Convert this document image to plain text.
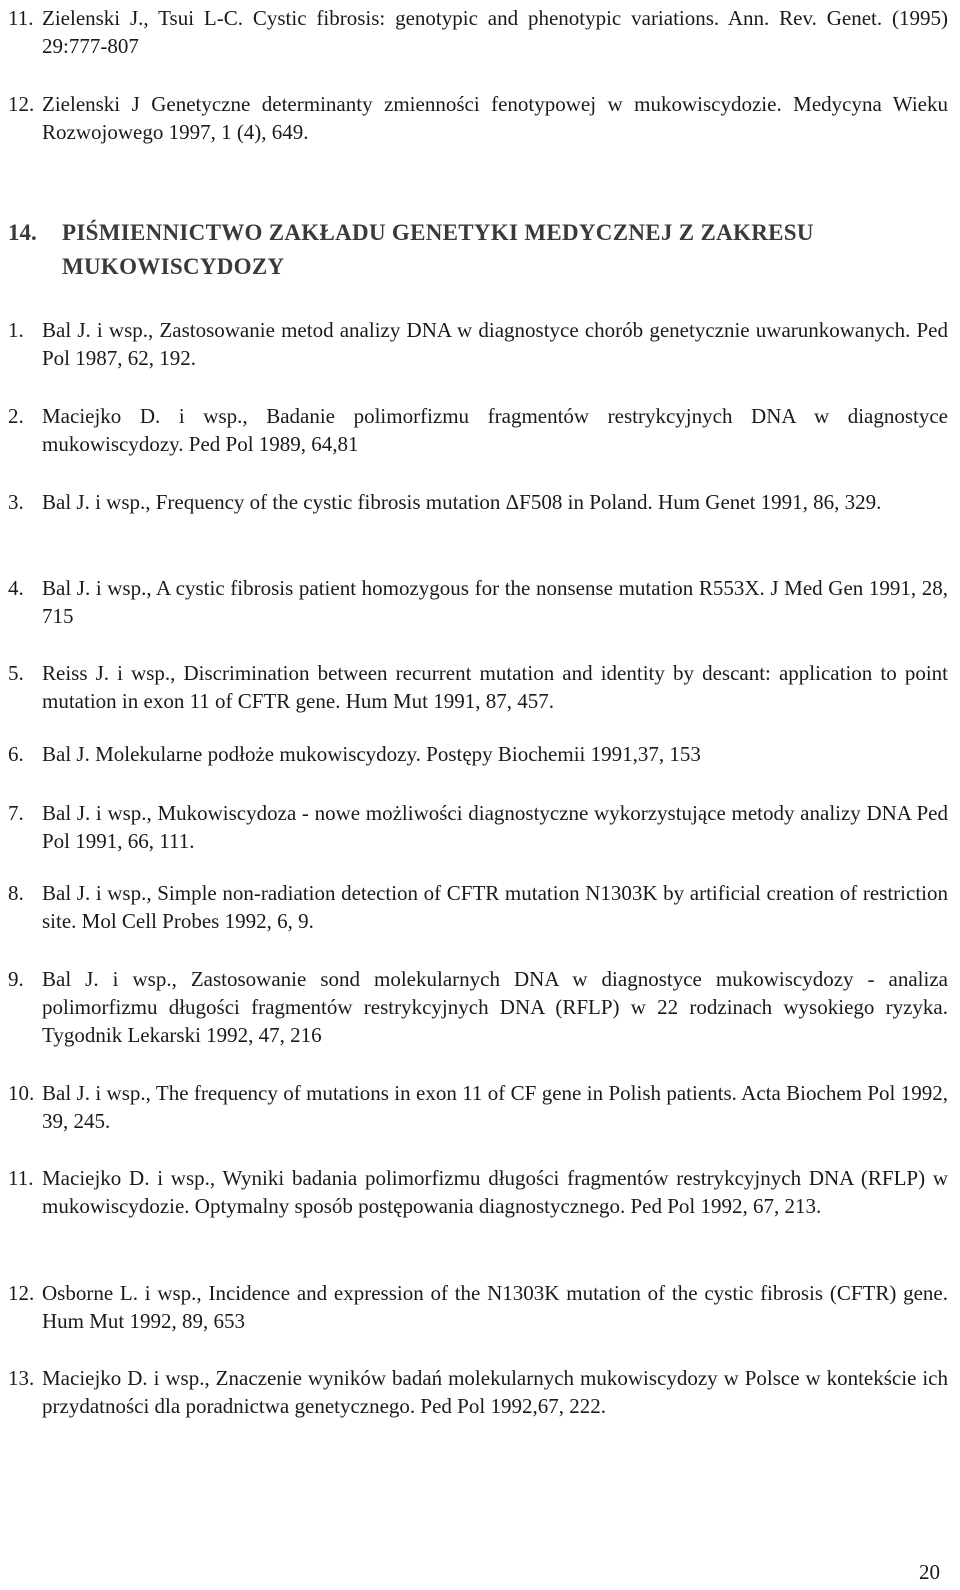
11. Zielenski J., Tsui L-C. Cystic fibrosis: genotypic and phenotypic variations. Ann. Rev. Genet. (1995) 29:777-807
12. Zielenski J Genetyczne determinanty zmienności fenotypowej w mukowiscydozie. Medycyna Wieku Rozwojowego 1997, 1 (4), 649.
14.	PIŚMIENNICTWO ZAKŁADU GENETYKI MEDYCZNEJ Z ZAKRESU MUKOWISCYDOZY
1. Bal J. i wsp., Zastosowanie metod analizy DNA w diagnostyce chorób genetycznie uwarunkowanych. Ped Pol 1987, 62, 192.
2. Maciejko D. i wsp., Badanie polimorfizmu fragmentów restrykcyjnych DNA w diagnostyce mukowiscydozy. Ped Pol 1989, 64,81
3. Bal J. i wsp., Frequency of the cystic fibrosis mutation ΔF508 in Poland. Hum Genet 1991, 86, 329.
4. Bal J. i wsp., A cystic fibrosis patient homozygous for the nonsense mutation R553X. J Med Gen 1991, 28, 715
5. Reiss J. i wsp., Discrimination between recurrent mutation and identity by descant: application to point mutation in exon 11 of CFTR gene. Hum Mut 1991, 87, 457.
6. Bal J. Molekularne podłoże mukowiscydozy. Postępy Biochemii 1991,37, 153
7. Bal J. i wsp., Mukowiscydoza - nowe możliwości diagnostyczne wykorzystujące metody analizy DNA Ped Pol 1991, 66, 111.
8. Bal J. i wsp., Simple non-radiation detection of CFTR mutation N1303K by artificial creation of restriction site. Mol Cell Probes 1992, 6, 9.
9. Bal J. i wsp., Zastosowanie sond molekularnych DNA w diagnostyce mukowiscydozy - analiza polimorfizmu długości fragmentów restrykcyjnych DNA (RFLP) w 22 rodzinach wysokiego ryzyka. Tygodnik Lekarski 1992, 47, 216
10. Bal J. i wsp., The frequency of mutations in exon 11 of CF gene in Polish patients. Acta Biochem Pol 1992, 39, 245.
11. Maciejko D. i wsp., Wyniki badania polimorfizmu długości fragmentów restrykcyjnych DNA (RFLP) w mukowiscydozie. Optymalny sposób postępowania diagnostycznego. Ped Pol 1992, 67, 213.
12. Osborne L. i wsp., Incidence and expression of the N1303K mutation of the cystic fibrosis (CFTR) gene. Hum Mut 1992, 89, 653
13. Maciejko D. i wsp., Znaczenie wyników badań molekularnych mukowiscydozy w Polsce w kontekście ich przydatności dla poradnictwa genetycznego. Ped Pol 1992,67, 222.
20
